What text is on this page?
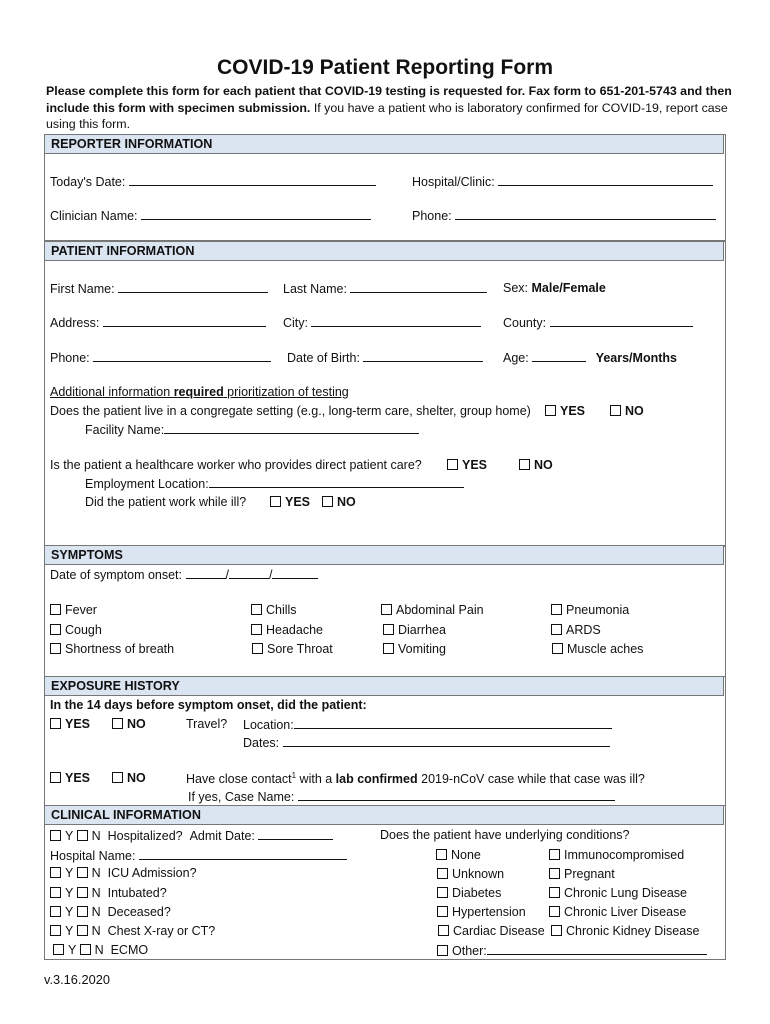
COVID-19 Patient Reporting Form
Please complete this form for each patient that COVID-19 testing is requested for. Fax form to 651-201-5743 and then include this form with specimen submission. If you have a patient who is laboratory confirmed for COVID-19, report case using this form.
REPORTER INFORMATION
Today's Date:	Hospital/Clinic:
Clinician Name:	Phone:
PATIENT INFORMATION
First Name:	Last Name:	Sex: Male/Female
Address:	City:	County:
Phone:	Date of Birth:	Age:	Years/Months
Additional information required prioritization of testing
Does the patient live in a congregate setting (e.g., long-term care, shelter, group home)	YES	NO
Facility Name:
Is the patient a healthcare worker who provides direct patient care?	YES	NO
Employment Location:
Did the patient work while ill?	YES	NO
SYMPTOMS
Date of symptom onset:	/	/
Fever	Chills	Abdominal Pain	Pneumonia
Cough	Headache	Diarrhea	ARDS
Shortness of breath	Sore Throat	Vomiting	Muscle aches
EXPOSURE HISTORY
In the 14 days before symptom onset, did the patient:
YES	NO	Travel? Location:
Dates:
YES	NO	Have close contact$^1$ with a lab confirmed 2019-nCoV case while that case was ill?
If yes, Case Name:
CLINICAL INFORMATION
Y N Hospitalized? Admit Date:
Hospital Name:
Y N ICU Admission?
Y N Intubated?
Y N Deceased?
Y N Chest X-ray or CT?
Y N ECMO
Does the patient have underlying conditions?
None	Immunocompromised
Unknown	Pregnant
Diabetes	Chronic Lung Disease
Hypertension	Chronic Liver Disease
Cardiac Disease	Chronic Kidney Disease
Other:
v.3.16.2020
